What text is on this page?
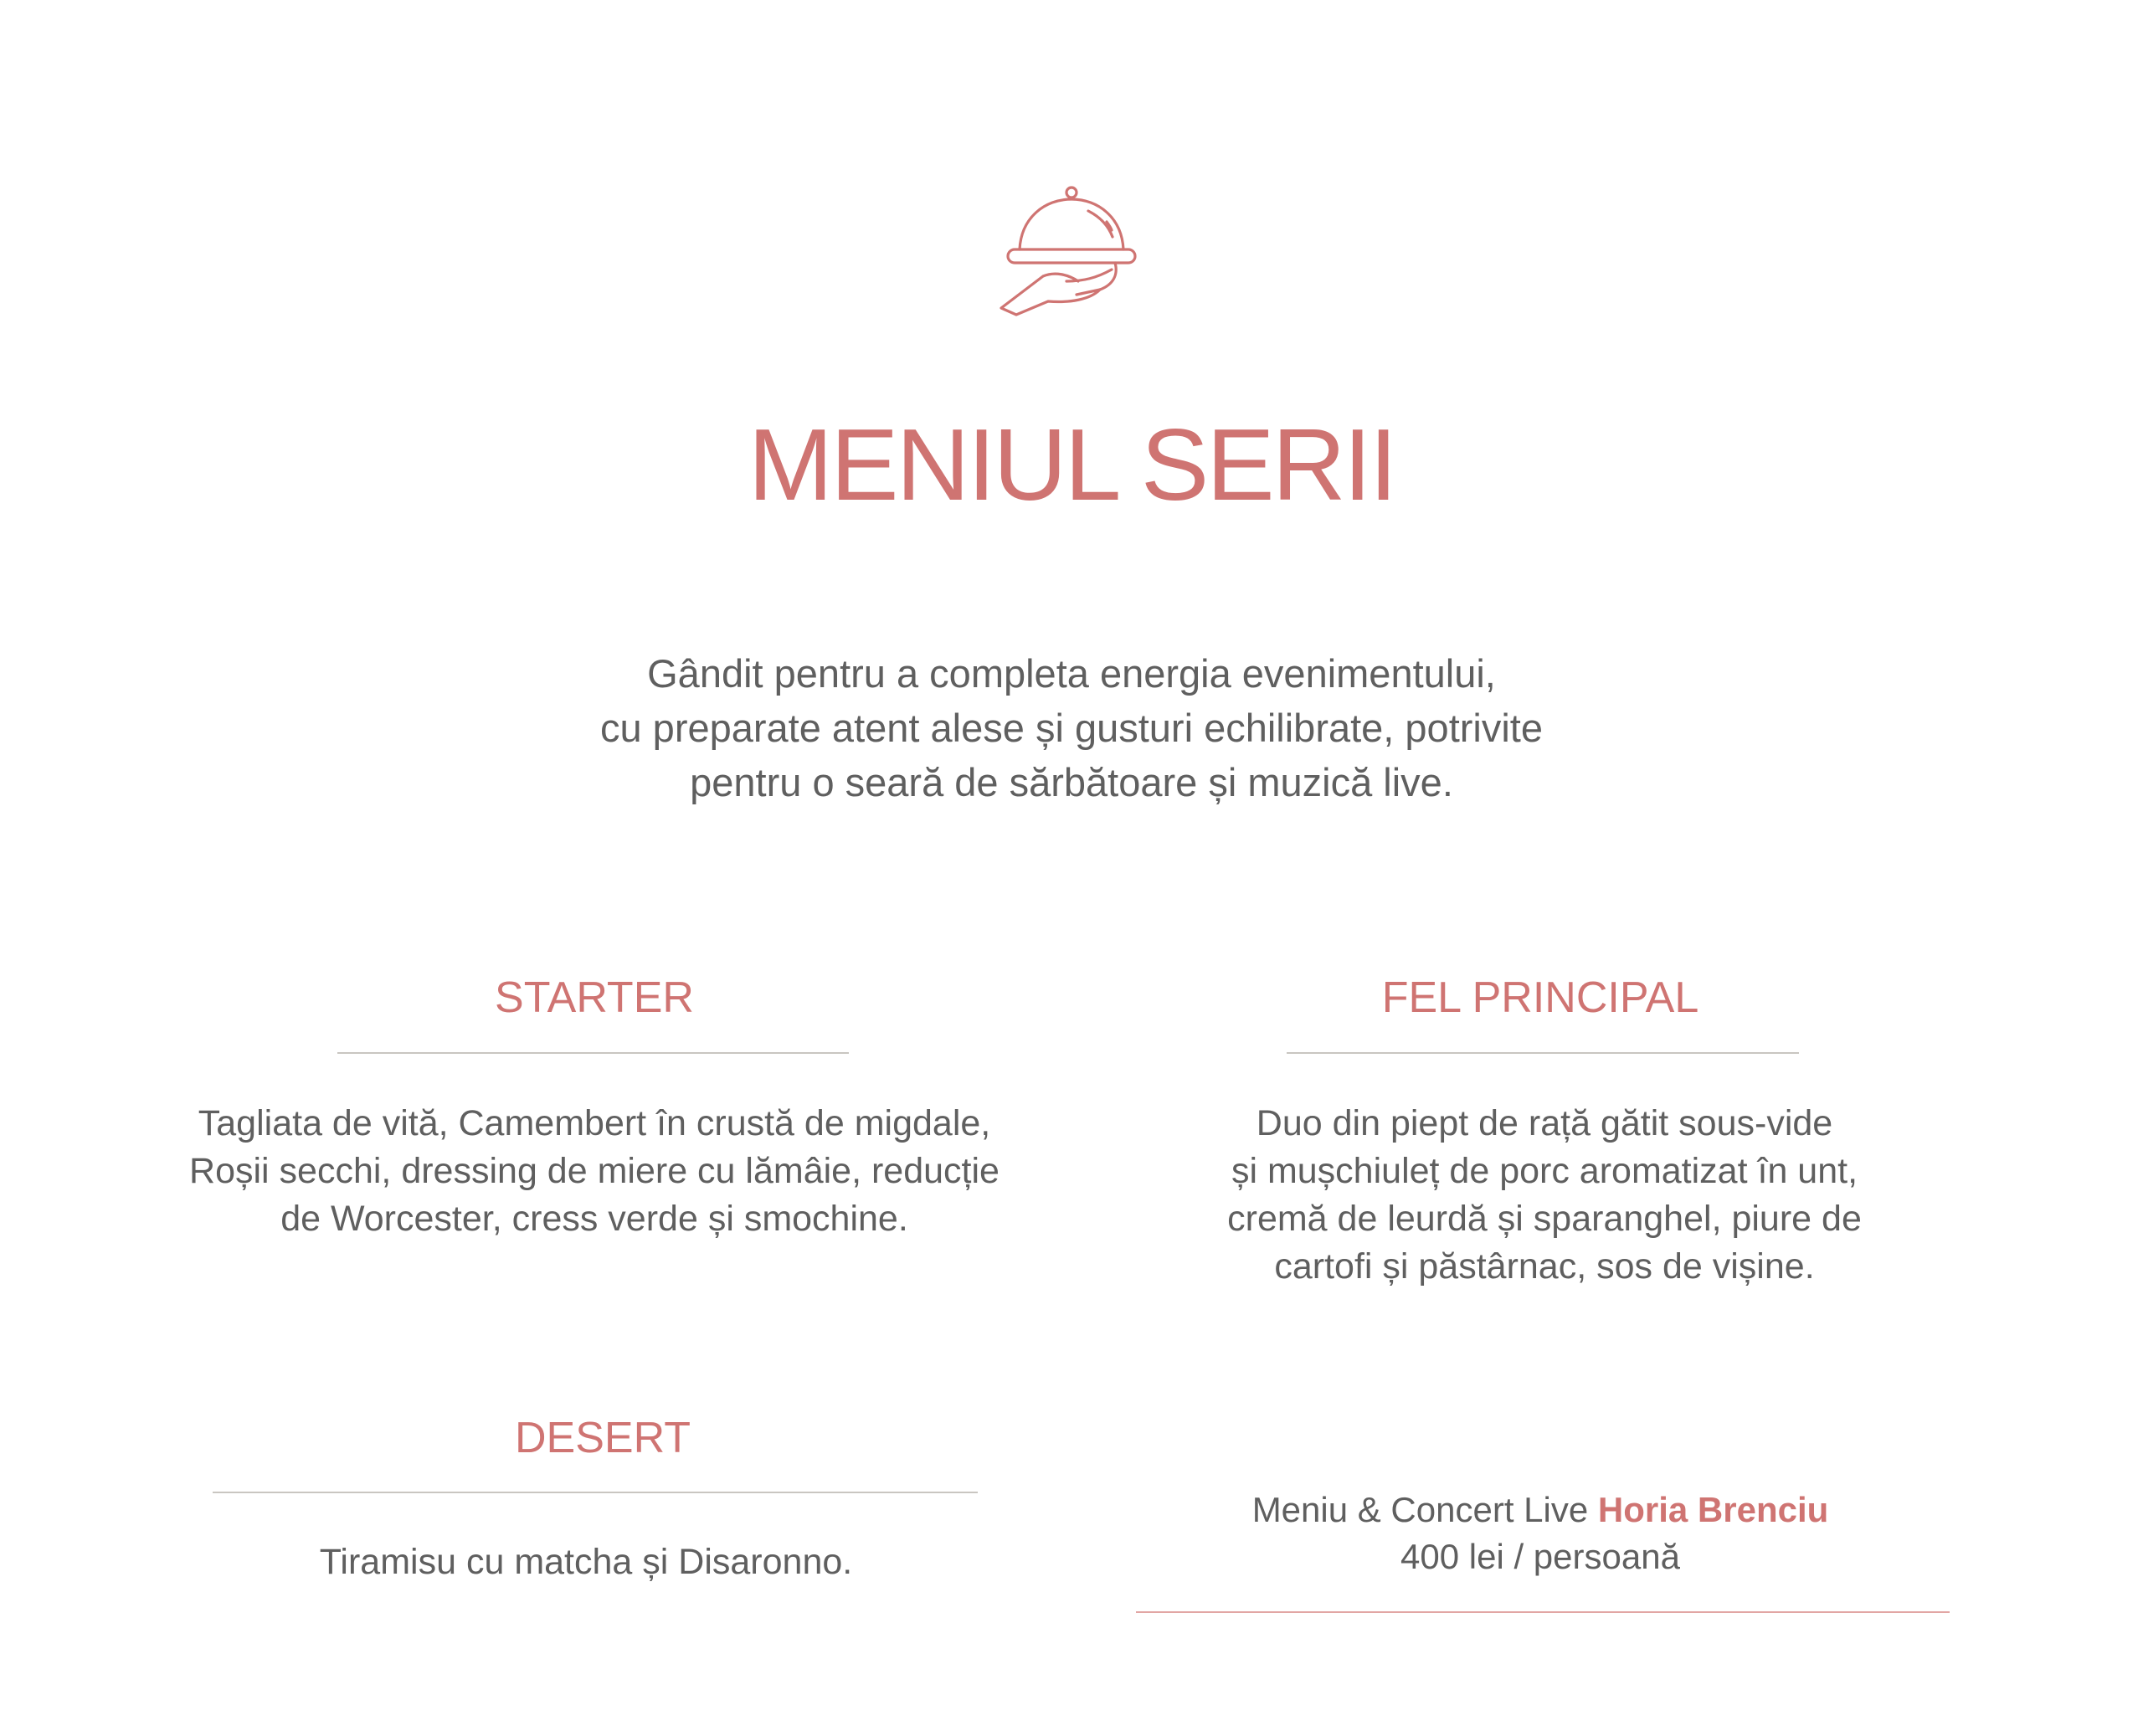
MENIUL SERII
Gândit pentru a completa energia evenimentului,
cu preparate atent alese și gusturi echilibrate, potrivite
pentru o seară de sărbătoare și muzică live.
STARTER
Tagliata de vită, Camembert în crustă de migdale,
Roșii secchi, dressing de miere cu lămâie, reducție
de Worcester, cress verde și smochine.
FEL PRINCIPAL
Duo din piept de rață gătit sous-vide
și mușchiuleț de porc aromatizat în unt,
cremă de leurdă și sparanghel, piure de
cartofi și păstârnac, sos de vișine.
DESERT
Tiramisu cu matcha și Disaronno.
Meniu & Concert Live Horia Brenciu
400 lei / persoană
